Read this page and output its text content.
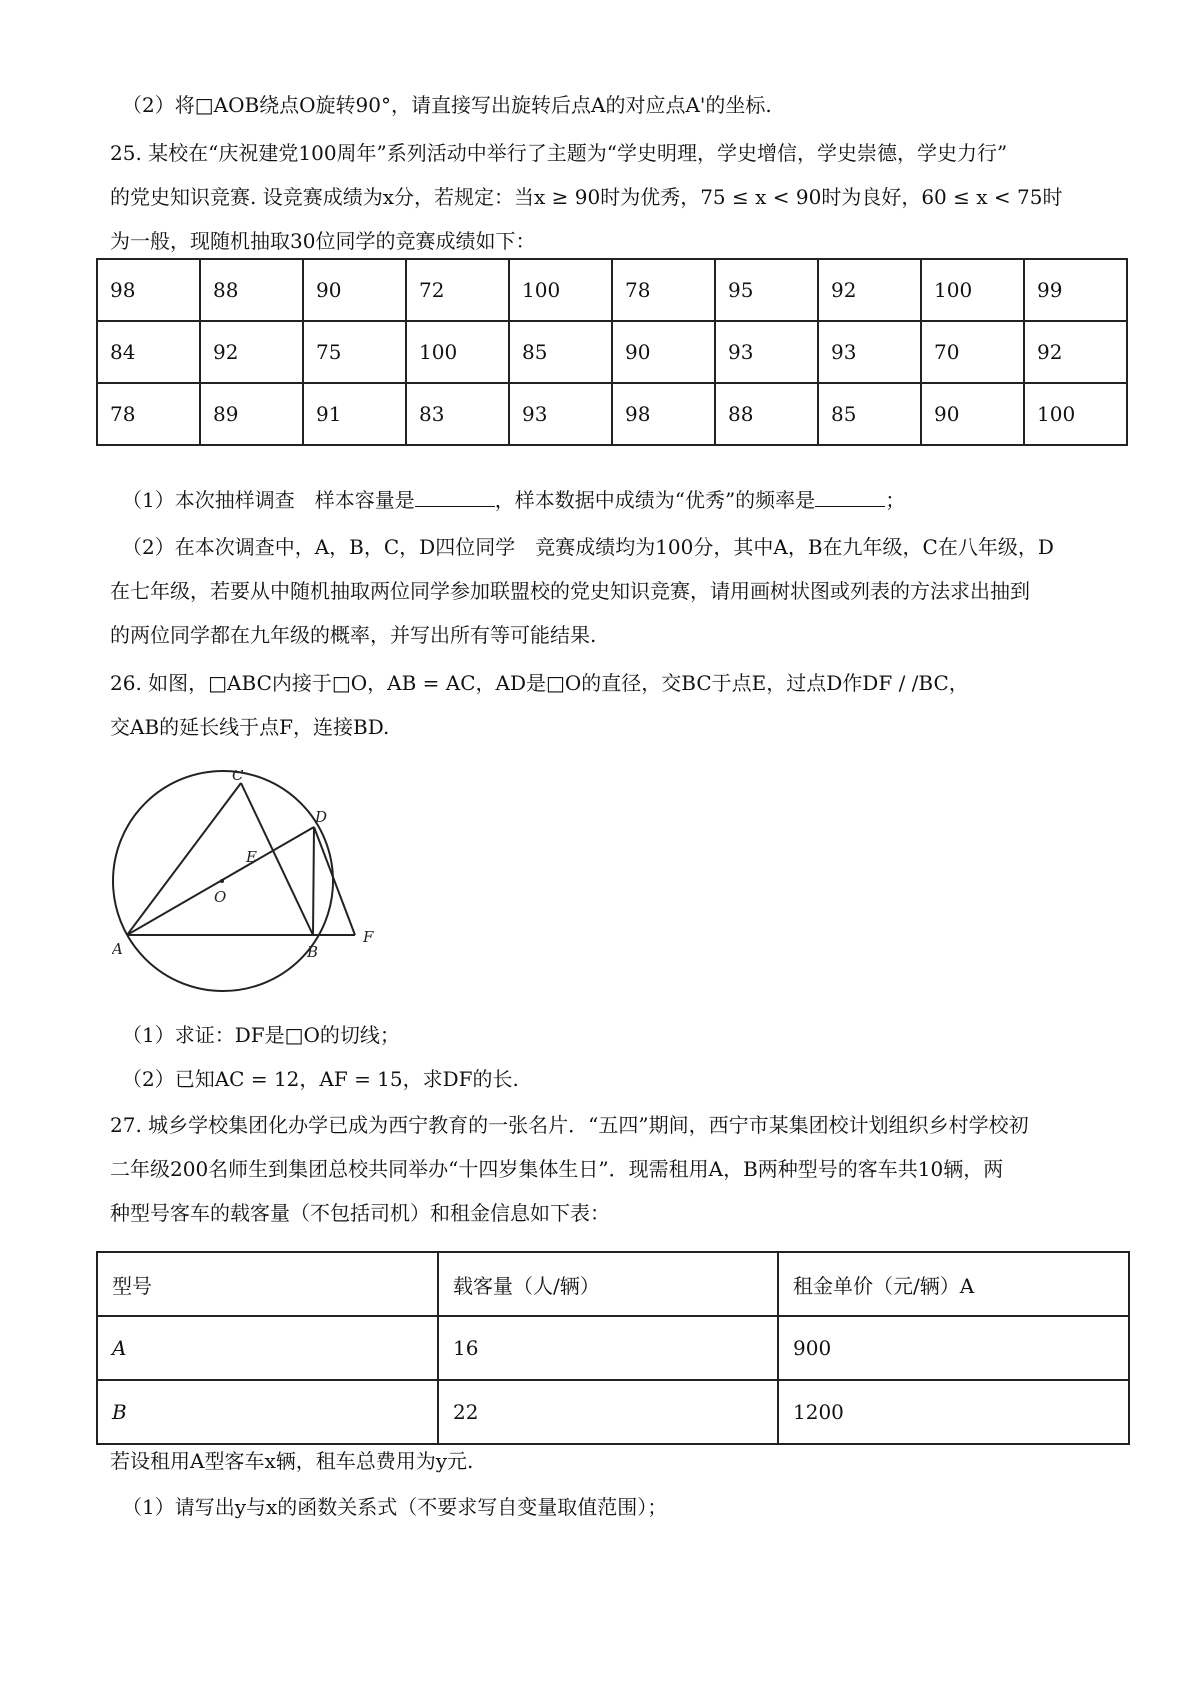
（2）将□AOB绕点O旋转90°，请直接写出旋转后点A的对应点A'的坐标.
25. 某校在“庆祝建党100周年”系列活动中举行了主题为“学史明理，学史增信，学史崇德，学史力行”
的党史知识竞赛. 设竞赛成绩为x分，若规定：当x ≥ 90时为优秀，75 ≤ x < 90时为良好，60 ≤ x < 75时
为一般，现随机抽取30位同学的竞赛成绩如下：
98	88	90	72	100	78	95	92	100	99
84	92	75	100	85	90	93	93	70	92
78	89	91	83	93	98	88	85	90	100
（1）本次抽样调查　样本容量是	，样本数据中成绩为“优秀”的频率是	；
（2）在本次调查中，A，B，C，D四位同学　竞赛成绩均为100分，其中A，B在九年级，C在八年级，D
在七年级，若要从中随机抽取两位同学参加联盟校的党史知识竞赛，请用画树状图或列表的方法求出抽到
的两位同学都在九年级的概率，并写出所有等可能结果.
26. 如图，□ABC内接于□O，AB = AC，AD是□O的直径，交BC于点E，过点D作DF / /BC，
交AB的延长线于点F，连接BD.
A	B
C
D
E
F
O
（1）求证：DF是□O的切线；
（2）已知AC = 12，AF = 15，求DF的长.
27. 城乡学校集团化办学已成为西宁教育的一张名片．“五四”期间，西宁市某集团校计划组织乡村学校初
二年级200名师生到集团总校共同举办“十四岁集体生日”．现需租用A，B两种型号的客车共10辆，两
种型号客车的载客量（不包括司机）和租金信息如下表：
型号	载客量（人/辆）	租金单价（元/辆）A
A	16	900
B	22	1200
若设租用A型客车x辆，租车总费用为y元.
（1）请写出y与x的函数关系式（不要求写自变量取值范围）；
